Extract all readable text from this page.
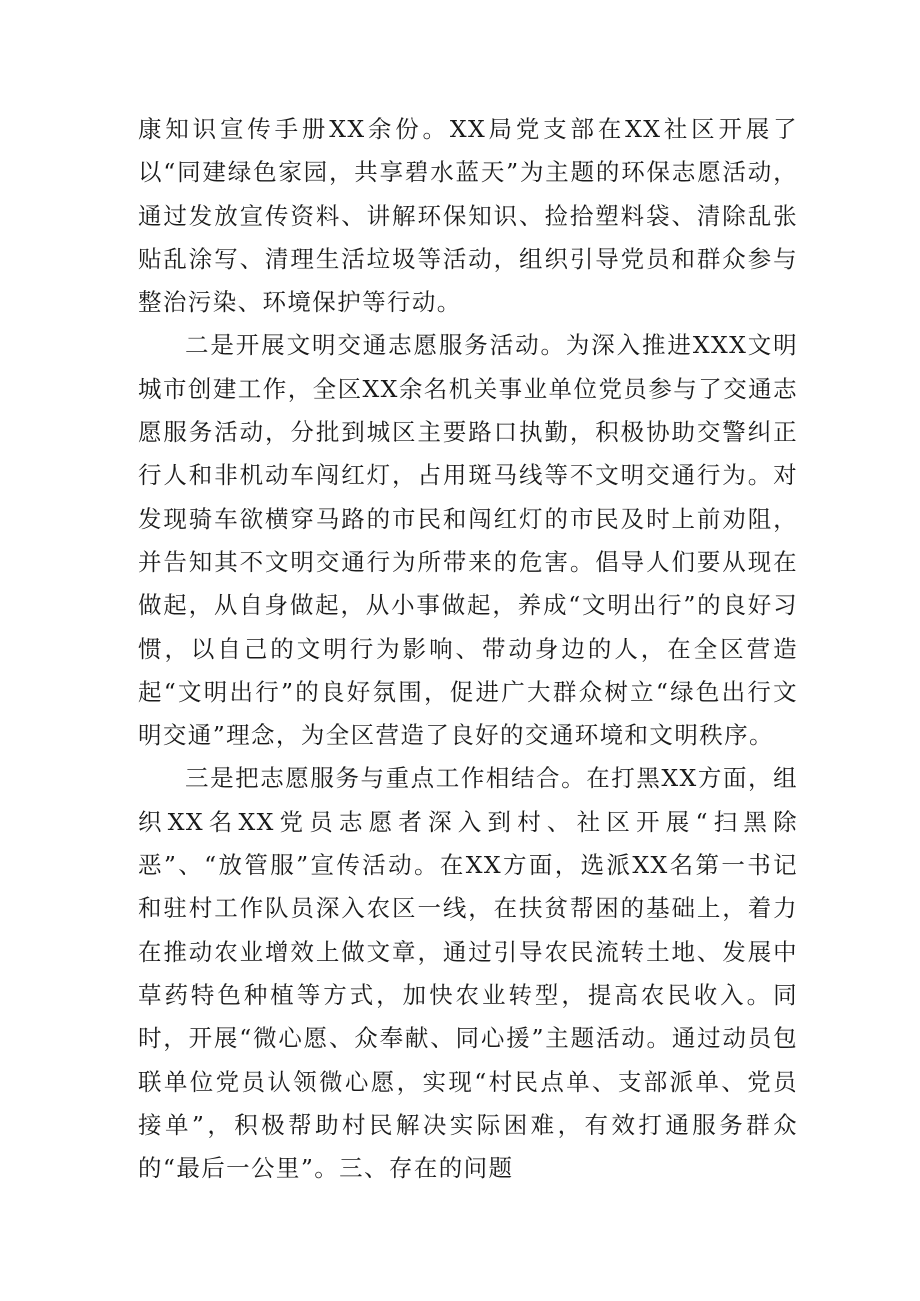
康知识宣传手册XX余份。XX局党支部在XX社区开展了以“同建绿色家园，共享碧水蓝天”为主题的环保志愿活动，通过发放宣传资料、讲解环保知识、捡拾塑料袋、清除乱张贴乱涂写、清理生活垃圾等活动，组织引导党员和群众参与整治污染、环境保护等行动。

二是开展文明交通志愿服务活动。为深入推进XXX文明城市创建工作，全区XX余名机关事业单位党员参与了交通志愿服务活动，分批到城区主要路口执勤，积极协助交警纠正行人和非机动车闯红灯，占用斑马线等不文明交通行为。对发现骑车欲横穿马路的市民和闯红灯的市民及时上前劝阻，并告知其不文明交通行为所带来的危害。倡导人们要从现在做起，从自身做起，从小事做起，养成“文明出行”的良好习惯，以自己的文明行为影响、带动身边的人，在全区营造起“文明出行”的良好氛围，促进广大群众树立“绿色出行文明交通”理念，为全区营造了良好的交通环境和文明秩序。

三是把志愿服务与重点工作相结合。在打黑XX方面，组织XX名XX党员志愿者深入到村、社区开展“扫黑除恶”、“放管服”宣传活动。在XX方面，选派XX名第一书记和驻村工作队员深入农区一线，在扶贫帮困的基础上，着力在推动农业增效上做文章，通过引导农民流转土地、发展中草药特色种植等方式，加快农业转型，提高农民收入。同时，开展“微心愿、众奉献、同心援”主题活动。通过动员包联单位党员认领微心愿，实现“村民点单、支部派单、党员接单”，积极帮助村民解决实际困难，有效打通服务群众的“最后一公里”。三、存在的问题
